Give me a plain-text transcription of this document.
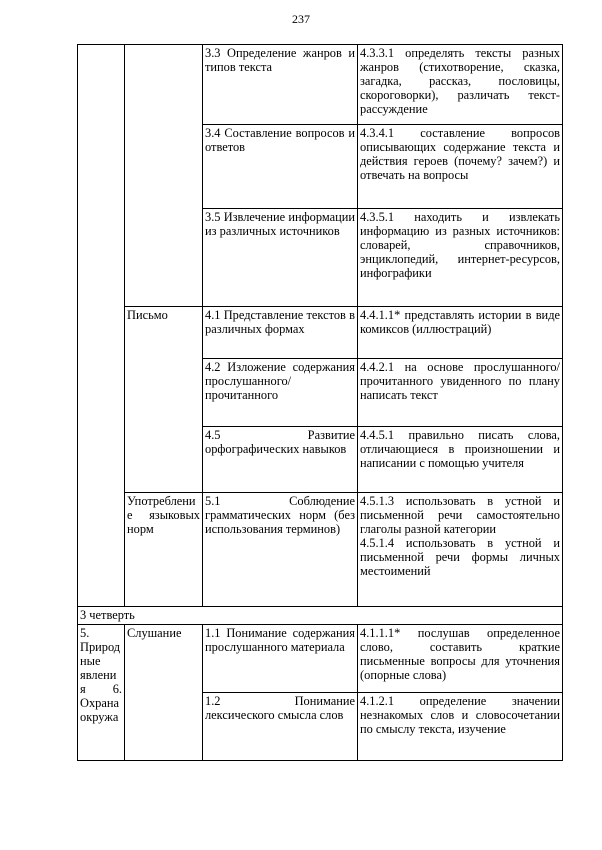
237
		3.3 Определение жанров и типов текста	4.3.3.1 определять тексты разных жанров (стихотворение, сказка, загадка, рассказ, пословицы, скороговорки), различать текст-рассуждение

		3.4 Составление вопросов и ответов	4.3.4.1 составление вопросов описывающих содержание текста и действия героев (почему? зачем?) и отвечать на вопросы

		3.5 Извлечение информации из различных источников	4.3.5.1 находить и извлекать информацию из разных источников: словарей, справочников, энциклопедий, интернет-ресурсов, инфографики

	Письмо	4.1 Представление текстов в различных формах	4.4.1.1* представлять истории в виде комиксов (иллюстраций)

		4.2 Изложение содержания прослушанного/прочитанного	4.4.2.1 на основе прослушанного/ прочитанного увиденного по плану написать текст

		4.5 Развитие орфографических навыков	4.4.5.1 правильно писать слова, отличающиеся в произношении и написании с помощью учителя

	Употребление языковых норм	5.1 Соблюдение грамматических норм (без использования терминов)	4.5.1.3 использовать в устной и письменной речи самостоятельно глаголы разной категории
4.5.1.4 использовать в устной и письменной речи формы личных местоимений

3 четверть			
5. Природные явления 6. Охрана окружа	Слушание	1.1 Понимание содержания прослушанного материала	4.1.1.1* послушав определенное слово, составить краткие письменные вопросы для уточнения (опорные слова)

		1.2 Понимание лексического смысла слов	4.1.2.1 определение значении незнакомых слов и словосочетании по смыслу текста, изучение
